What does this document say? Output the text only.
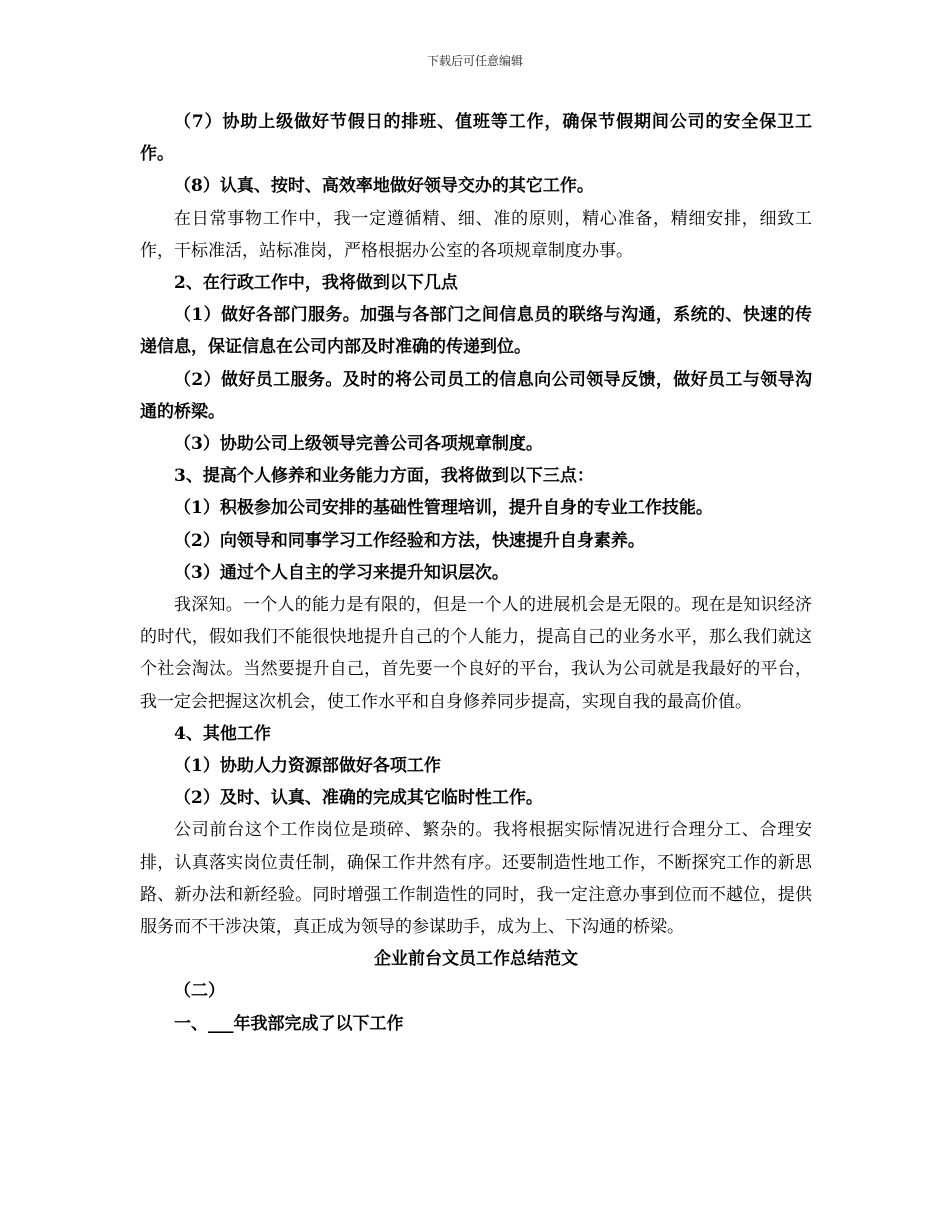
下载后可任意编辑

（7）协助上级做好节假日的排班、值班等工作，确保节假期间公司的安全保卫工作。

（8）认真、按时、高效率地做好领导交办的其它工作。

在日常事物工作中，我一定遵循精、细、准的原则，精心准备，精细安排，细致工作，干标准活，站标准岗，严格根据办公室的各项规章制度办事。

2、在行政工作中，我将做到以下几点

（1）做好各部门服务。加强与各部门之间信息员的联络与沟通，系统的、快速的传递信息，保证信息在公司内部及时准确的传递到位。

（2）做好员工服务。及时的将公司员工的信息向公司领导反馈，做好员工与领导沟通的桥梁。

（3）协助公司上级领导完善公司各项规章制度。

3、提高个人修养和业务能力方面，我将做到以下三点：

（1）积极参加公司安排的基础性管理培训，提升自身的专业工作技能。

（2）向领导和同事学习工作经验和方法，快速提升自身素养。

（3）通过个人自主的学习来提升知识层次。

我深知。一个人的能力是有限的，但是一个人的进展机会是无限的。现在是知识经济的时代，假如我们不能很快地提升自己的个人能力，提高自己的业务水平，那么我们就这个社会淘汰。当然要提升自己，首先要一个良好的平台，我认为公司就是我最好的平台，我一定会把握这次机会，使工作水平和自身修养同步提高，实现自我的最高价值。

4、其他工作

（1）协助人力资源部做好各项工作

（2）及时、认真、准确的完成其它临时性工作。

公司前台这个工作岗位是琐碎、繁杂的。我将根据实际情况进行合理分工、合理安排，认真落实岗位责任制，确保工作井然有序。还要制造性地工作，不断探究工作的新思路、新办法和新经验。同时增强工作制造性的同时，我一定注意办事到位而不越位，提供服务而不干涉决策，真正成为领导的参谋助手，成为上、下沟通的桥梁。

企业前台文员工作总结范文

（二）

一、___年我部完成了以下工作
